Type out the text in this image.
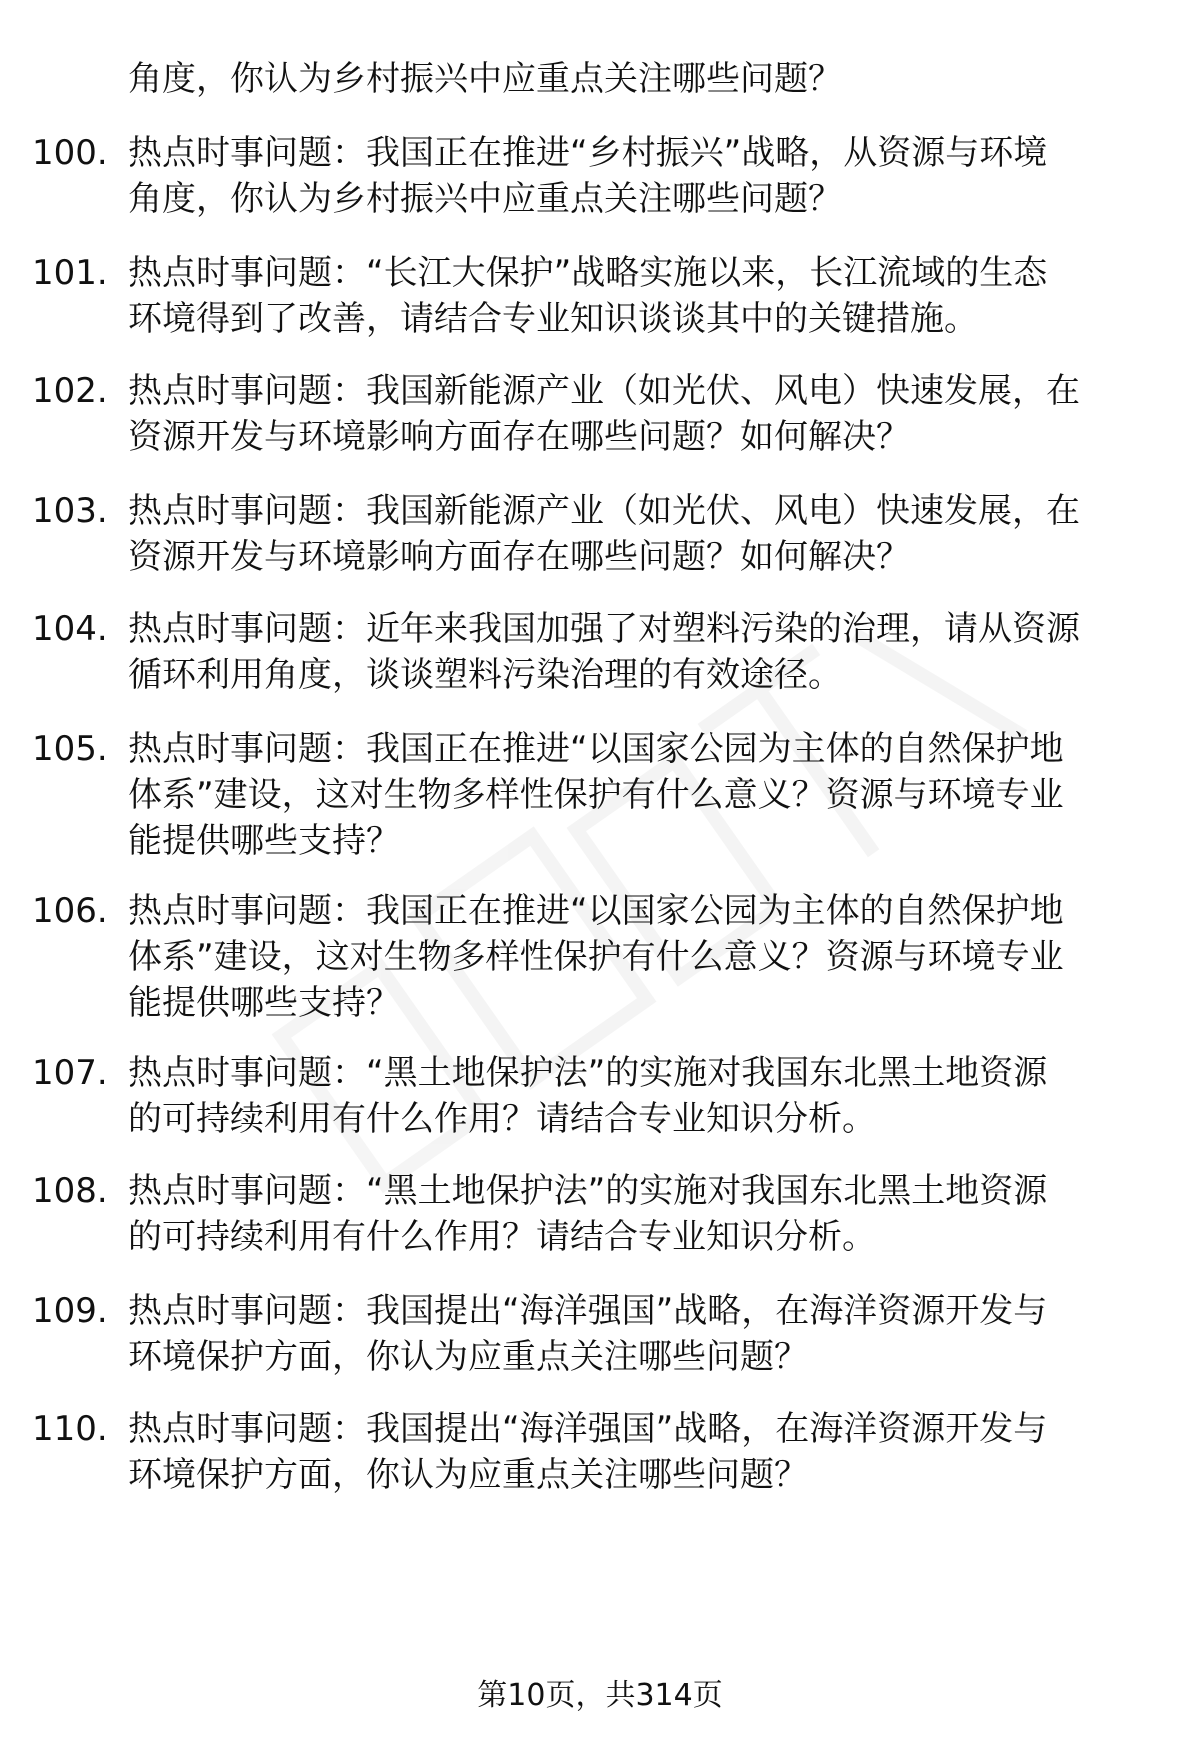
角度，你认为乡村振兴中应重点关注哪些问题？
100. 热点时事问题：我国正在推进“乡村振兴”战略，从资源与环境
角度，你认为乡村振兴中应重点关注哪些问题？
101. 热点时事问题：“长江大保护”战略实施以来，长江流域的生态
环境得到了改善，请结合专业知识谈谈其中的关键措施。
102. 热点时事问题：我国新能源产业（如光伏、风电）快速发展，在
资源开发与环境影响方面存在哪些问题？如何解决？
103. 热点时事问题：我国新能源产业（如光伏、风电）快速发展，在
资源开发与环境影响方面存在哪些问题？如何解决？
104. 热点时事问题：近年来我国加强了对塑料污染的治理，请从资源
循环利用角度，谈谈塑料污染治理的有效途径。
105. 热点时事问题：我国正在推进“以国家公园为主体的自然保护地
体系”建设，这对生物多样性保护有什么意义？资源与环境专业
能提供哪些支持？
106. 热点时事问题：我国正在推进“以国家公园为主体的自然保护地
体系”建设，这对生物多样性保护有什么意义？资源与环境专业
能提供哪些支持？
107. 热点时事问题：“黑土地保护法”的实施对我国东北黑土地资源
的可持续利用有什么作用？请结合专业知识分析。
108. 热点时事问题：“黑土地保护法”的实施对我国东北黑土地资源
的可持续利用有什么作用？请结合专业知识分析。
109. 热点时事问题：我国提出“海洋强国”战略，在海洋资源开发与
环境保护方面，你认为应重点关注哪些问题？
110. 热点时事问题：我国提出“海洋强国”战略，在海洋资源开发与
环境保护方面，你认为应重点关注哪些问题？
第10页，共314页
